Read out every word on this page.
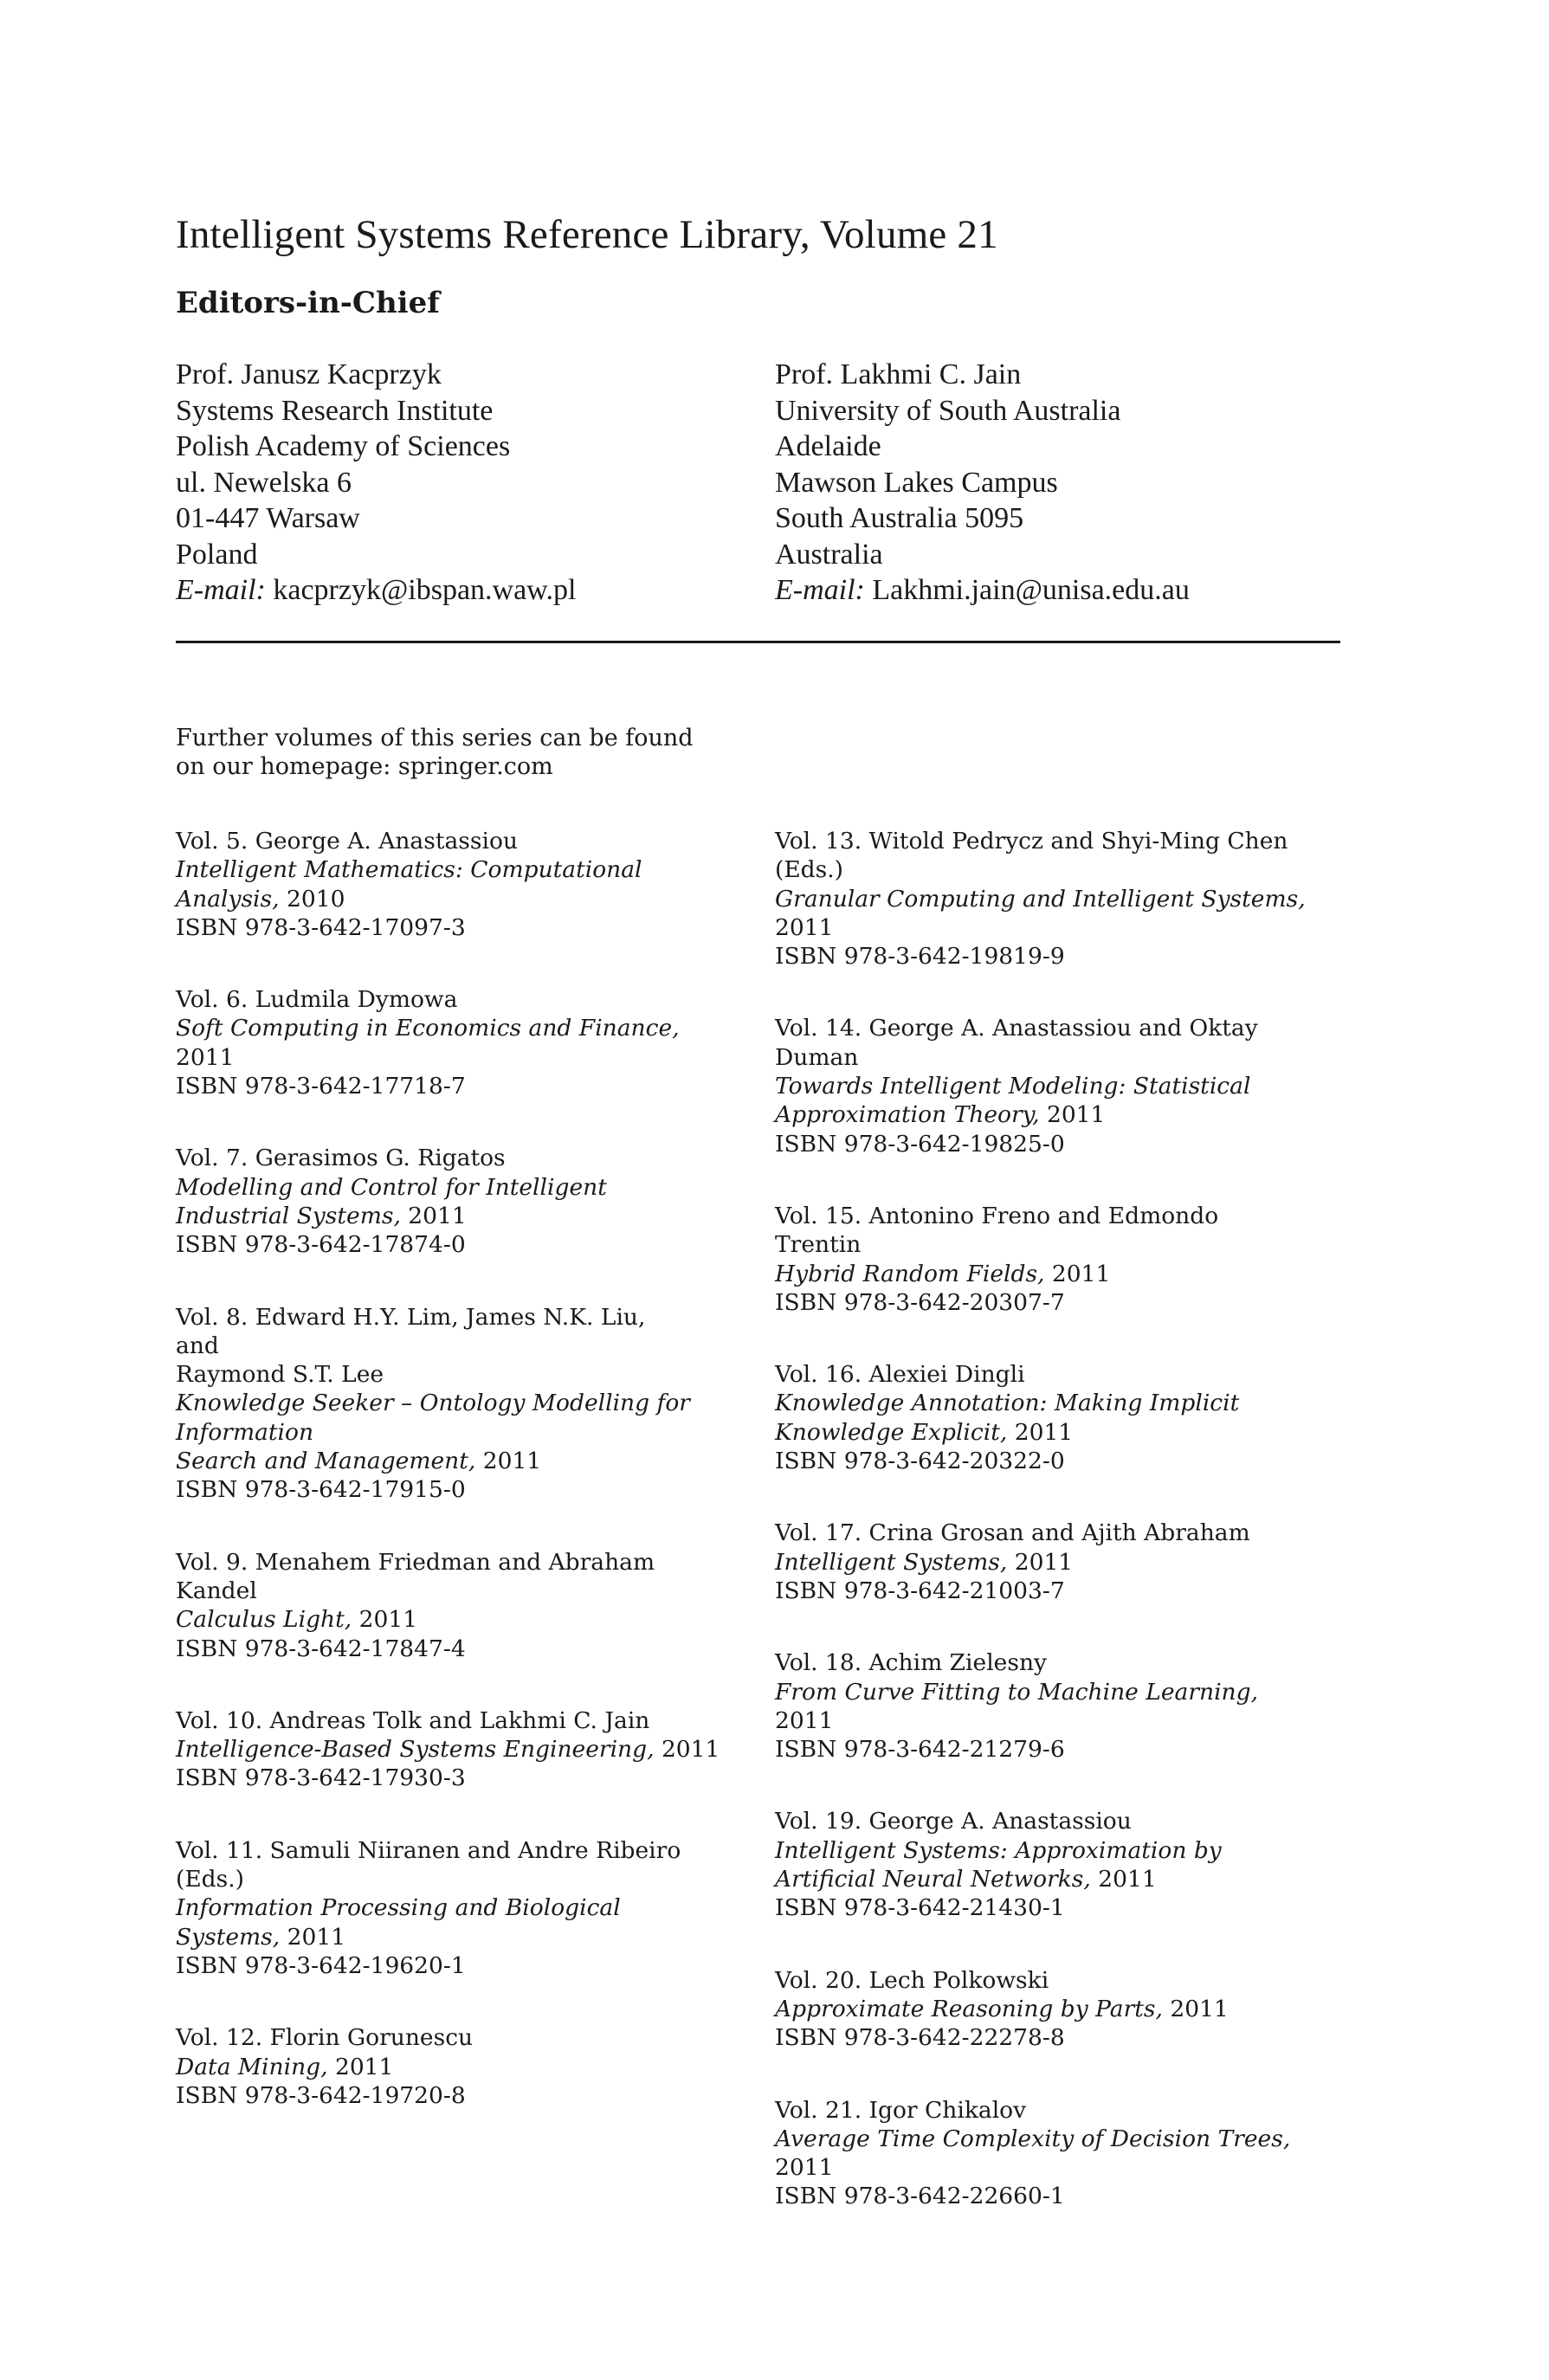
Intelligent Systems Reference Library, Volume 21
Editors-in-Chief
Prof. Janusz Kacprzyk
Systems Research Institute
Polish Academy of Sciences
ul. Newelska 6
01-447 Warsaw
Poland
E-mail: kacprzyk@ibspan.waw.pl
Prof. Lakhmi C. Jain
University of South Australia
Adelaide
Mawson Lakes Campus
South Australia 5095
Australia
E-mail: Lakhmi.jain@unisa.edu.au
Further volumes of this series can be found
on our homepage: springer.com
Vol. 5. George A. Anastassiou
Intelligent Mathematics: Computational
Analysis, 2010
ISBN 978-3-642-17097-3
Vol. 6. Ludmila Dymowa
Soft Computing in Economics and Finance,
2011
ISBN 978-3-642-17718-7
Vol. 7. Gerasimos G. Rigatos
Modelling and Control for Intelligent
Industrial Systems, 2011
ISBN 978-3-642-17874-0
Vol. 8. Edward H.Y. Lim, James N.K. Liu,
and
Raymond S.T. Lee
Knowledge Seeker – Ontology Modelling for
Information
Search and Management, 2011
ISBN 978-3-642-17915-0
Vol. 9. Menahem Friedman and Abraham
Kandel
Calculus Light, 2011
ISBN 978-3-642-17847-4
Vol. 10. Andreas Tolk and Lakhmi C. Jain
Intelligence-Based Systems Engineering, 2011
ISBN 978-3-642-17930-3
Vol. 11. Samuli Niiranen and Andre Ribeiro
(Eds.)
Information Processing and Biological
Systems, 2011
ISBN 978-3-642-19620-1
Vol. 12. Florin Gorunescu
Data Mining, 2011
ISBN 978-3-642-19720-8
Vol. 13. Witold Pedrycz and Shyi-Ming Chen
(Eds.)
Granular Computing and Intelligent Systems,
2011
ISBN 978-3-642-19819-9
Vol. 14. George A. Anastassiou and Oktay
Duman
Towards Intelligent Modeling: Statistical
Approximation Theory, 2011
ISBN 978-3-642-19825-0
Vol. 15. Antonino Freno and Edmondo
Trentin
Hybrid Random Fields, 2011
ISBN 978-3-642-20307-7
Vol. 16. Alexiei Dingli
Knowledge Annotation: Making Implicit
Knowledge Explicit, 2011
ISBN 978-3-642-20322-0
Vol. 17. Crina Grosan and Ajith Abraham
Intelligent Systems, 2011
ISBN 978-3-642-21003-7
Vol. 18. Achim Zielesny
From Curve Fitting to Machine Learning,
2011
ISBN 978-3-642-21279-6
Vol. 19. George A. Anastassiou
Intelligent Systems: Approximation by
Artificial Neural Networks, 2011
ISBN 978-3-642-21430-1
Vol. 20. Lech Polkowski
Approximate Reasoning by Parts, 2011
ISBN 978-3-642-22278-8
Vol. 21. Igor Chikalov
Average Time Complexity of Decision Trees,
2011
ISBN 978-3-642-22660-1
